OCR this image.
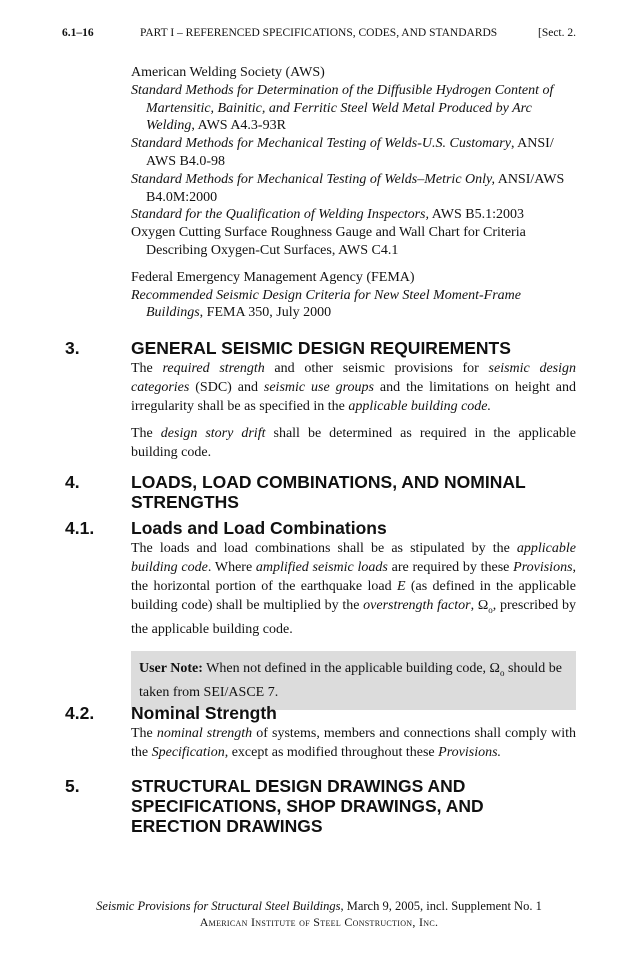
6.1–16	PART I – REFERENCED SPECIFICATIONS, CODES, AND STANDARDS	[Sect. 2.

American Welding Society (AWS)

Standard Methods for Determination of the Diffusible Hydrogen Content of Martensitic, Bainitic, and Ferritic Steel Weld Metal Produced by Arc Welding, AWS A4.3-93R

Standard Methods for Mechanical Testing of Welds-U.S. Customary, ANSI/ AWS B4.0-98

Standard Methods for Mechanical Testing of Welds–Metric Only, ANSI/AWS B4.0M:2000

Standard for the Qualification of Welding Inspectors, AWS B5.1:2003

Oxygen Cutting Surface Roughness Gauge and Wall Chart for Criteria Describing Oxygen-Cut Surfaces, AWS C4.1

Federal Emergency Management Agency (FEMA)

Recommended Seismic Design Criteria for New Steel Moment-Frame Buildings, FEMA 350, July 2000

3.	GENERAL SEISMIC DESIGN REQUIREMENTS

The required strength and other seismic provisions for seismic design categories (SDC) and seismic use groups and the limitations on height and irregularity shall be as specified in the applicable building code.

The design story drift shall be determined as required in the applicable building code.

4.	LOADS, LOAD COMBINATIONS, AND NOMINAL STRENGTHS
4.1. Loads and Load Combinations

The loads and load combinations shall be as stipulated by the applicable building code. Where amplified seismic loads are required by these Provisions, the horizontal portion of the earthquake load E (as defined in the applicable building code) shall be multiplied by the overstrength factor, $\Omega_o$, prescribed by the applicable building code.

User Note: When not defined in the applicable building code, $\Omega_o$ should be taken from SEI/ASCE 7.
4.2. Nominal Strength

The nominal strength of systems, members and connections shall comply with the Specification, except as modified throughout these Provisions.

5.	STRUCTURAL DESIGN DRAWINGS AND SPECIFICATIONS, SHOP DRAWINGS, AND ERECTION DRAWINGS
Seismic Provisions for Structural Steel Buildings, March 9, 2005, incl. Supplement No. 1
American Institute of Steel Construction, Inc.
